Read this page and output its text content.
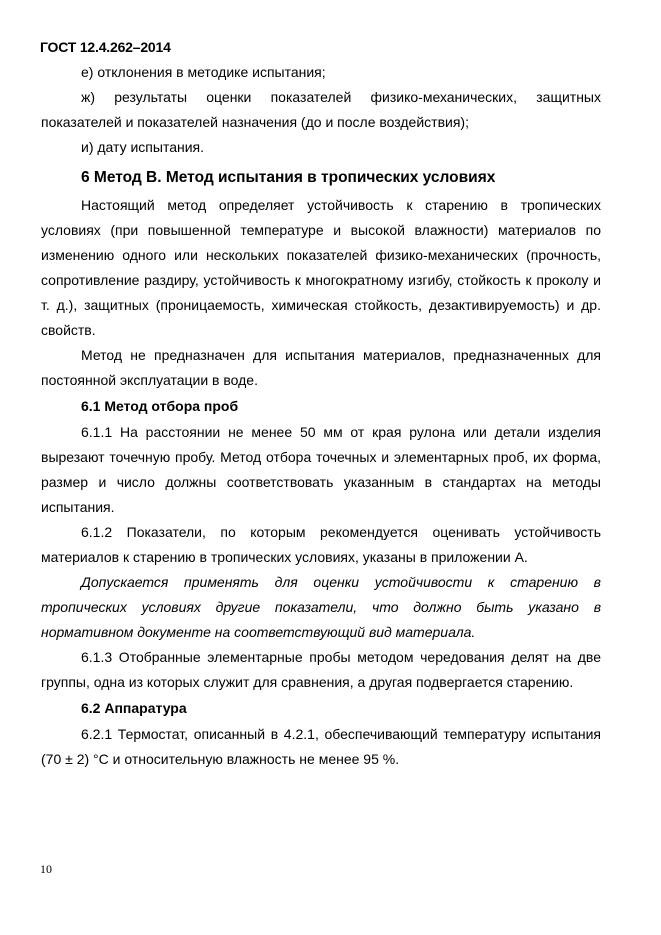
ГОСТ 12.4.262–2014

е) отклонения в методике испытания;

ж) результаты оценки показателей физико-механических, защитных показателей и показателей назначения (до и после воздействия);

и) дату испытания.

6 Метод В. Метод испытания в тропических условиях

Настоящий метод определяет устойчивость к старению в тропических условиях (при повышенной температуре и высокой влажности) материалов по изменению одного или нескольких показателей физико-механических (прочность, сопротивление раздиру, устойчивость к многократному изгибу, стойкость к проколу и т. д.), защитных (проницаемость, химическая стойкость, дезактивируемость) и др. свойств.

Метод не предназначен для испытания материалов, предназначенных для постоянной эксплуатации в воде.

6.1 Метод отбора проб

6.1.1 На расстоянии не менее 50 мм от края рулона или детали изделия вырезают точечную пробу. Метод отбора точечных и элементарных проб, их форма, размер и число должны соответствовать указанным в стандартах на методы испытания.

6.1.2 Показатели, по которым рекомендуется оценивать устойчивость материалов к старению в тропических условиях, указаны в приложении А.

Допускается применять для оценки устойчивости к старению в тропических условиях другие показатели, что должно быть указано в нормативном документе на соответствующий вид материала.

6.1.3 Отобранные элементарные пробы методом чередования делят на две группы, одна из которых служит для сравнения, а другая подвергается старению.

6.2 Аппаратура

6.2.1 Термостат, описанный в 4.2.1, обеспечивающий температуру испытания (70 ± 2) °С и относительную влажность не менее 95 %.

10
